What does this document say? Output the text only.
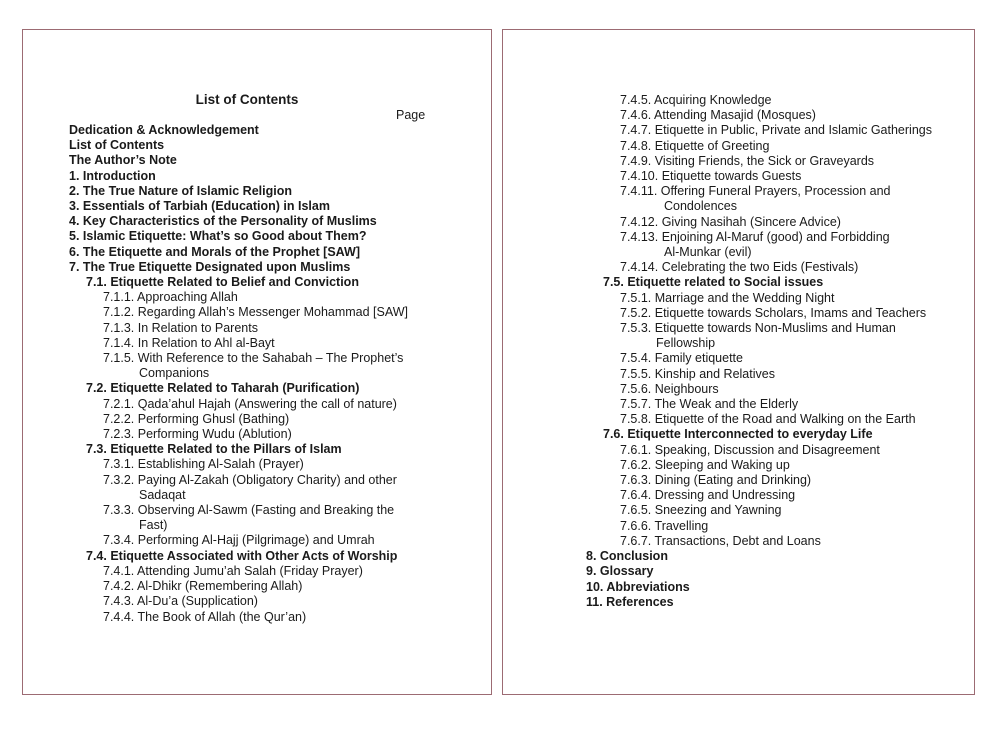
List of Contents
Page
Dedication & Acknowledgement
List of Contents
The Author’s Note
1. Introduction
2. The True Nature of Islamic Religion
3. Essentials of Tarbiah (Education) in Islam
4. Key Characteristics of the Personality of Muslims
5. Islamic Etiquette: What’s so Good about Them?
6. The Etiquette and Morals of the Prophet [SAW]
7. The True Etiquette Designated upon Muslims
7.1. Etiquette Related to Belief and Conviction
7.1.1. Approaching Allah
7.1.2. Regarding Allah’s Messenger Mohammad [SAW]
7.1.3. In Relation to Parents
7.1.4. In Relation to Ahl al-Bayt
7.1.5. With Reference to the Sahabah – The Prophet’s
Companions
7.2. Etiquette Related to Taharah (Purification)
7.2.1. Qada’ahul Hajah (Answering the call of nature)
7.2.2. Performing Ghusl (Bathing)
7.2.3. Performing Wudu (Ablution)
7.3. Etiquette Related to the Pillars of Islam
7.3.1. Establishing Al-Salah (Prayer)
7.3.2. Paying Al-Zakah (Obligatory Charity) and other
Sadaqat
7.3.3. Observing Al-Sawm (Fasting and Breaking the
Fast)
7.3.4. Performing Al-Hajj (Pilgrimage) and Umrah
7.4. Etiquette Associated with Other Acts of Worship
7.4.1. Attending Jumu’ah Salah (Friday Prayer)
7.4.2. Al-Dhikr (Remembering Allah)
7.4.3. Al-Du’a (Supplication)
7.4.4. The Book of Allah (the Qur’an)
7.4.5. Acquiring Knowledge
7.4.6. Attending Masajid (Mosques)
7.4.7. Etiquette in Public, Private and Islamic Gatherings
7.4.8. Etiquette of Greeting
7.4.9. Visiting Friends, the Sick or Graveyards
7.4.10. Etiquette towards Guests
7.4.11. Offering Funeral Prayers, Procession and
Condolences
7.4.12. Giving Nasihah (Sincere Advice)
7.4.13. Enjoining Al-Maruf (good) and Forbidding
Al-Munkar (evil)
7.4.14. Celebrating the two Eids (Festivals)
7.5. Etiquette related to Social issues
7.5.1. Marriage and the Wedding Night
7.5.2. Etiquette towards Scholars, Imams and Teachers
7.5.3. Etiquette towards Non-Muslims and Human
Fellowship
7.5.4. Family etiquette
7.5.5. Kinship and Relatives
7.5.6. Neighbours
7.5.7. The Weak and the Elderly
7.5.8. Etiquette of the Road and Walking on the Earth
7.6. Etiquette Interconnected to everyday Life
7.6.1. Speaking, Discussion and Disagreement
7.6.2. Sleeping and Waking up
7.6.3. Dining (Eating and Drinking)
7.6.4. Dressing and Undressing
7.6.5. Sneezing and Yawning
7.6.6. Travelling
7.6.7. Transactions, Debt and Loans
8. Conclusion
9. Glossary
10. Abbreviations
11. References
